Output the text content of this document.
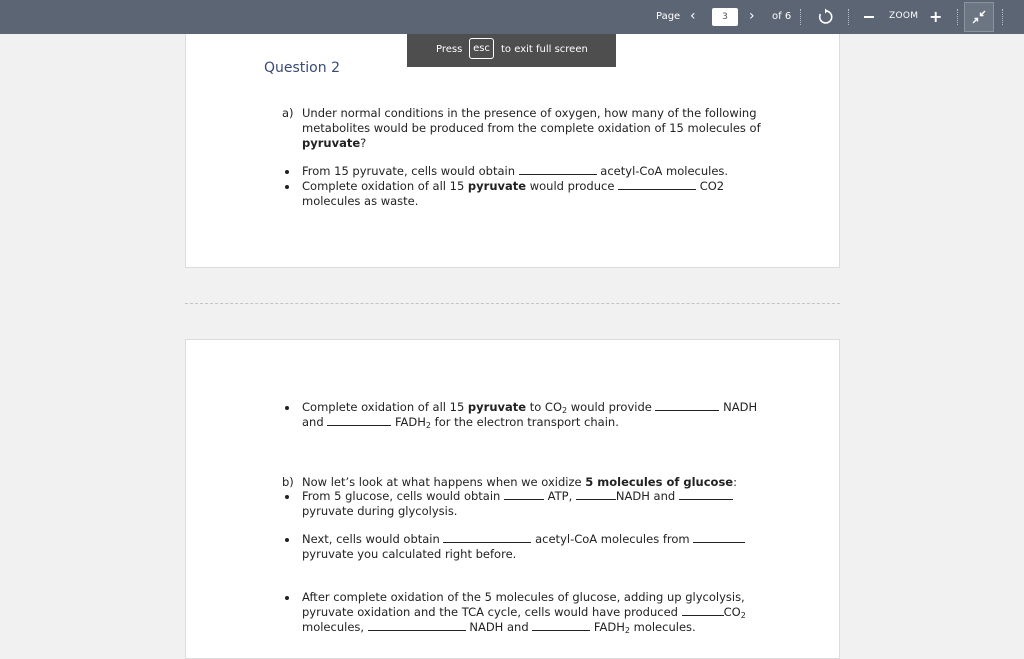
Page ‹	3	› of 6	ZOOM +
Question 2
a) Under normal conditions in the presence of oxygen, how many of the following
metabolites would be produced from the complete oxidation of 15 molecules of
pyruvate?
From 15 pyruvate, cells would obtain	acetyl-CoA molecules.
Complete oxidation of all 15 pyruvate would produce	CO2
molecules as waste.
Complete oxidation of all 15 pyruvate to $CO_2$ would provide	NADH
and	$FADH_2$ for the electron transport chain.
b) Now let’s look at what happens when we oxidize 5 molecules of glucose:
From 5 glucose, cells would obtain	ATP,	NADH and
pyruvate during glycolysis.
Next, cells would obtain	acetyl-CoA molecules from
pyruvate you calculated right before.
After complete oxidation of the 5 molecules of glucose, adding up glycolysis,
pyruvate oxidation and the TCA cycle, cells would have produced	$CO_2$
molecules,	NADH and	$FADH_2$ molecules.
Press	esc	to exit full screen
